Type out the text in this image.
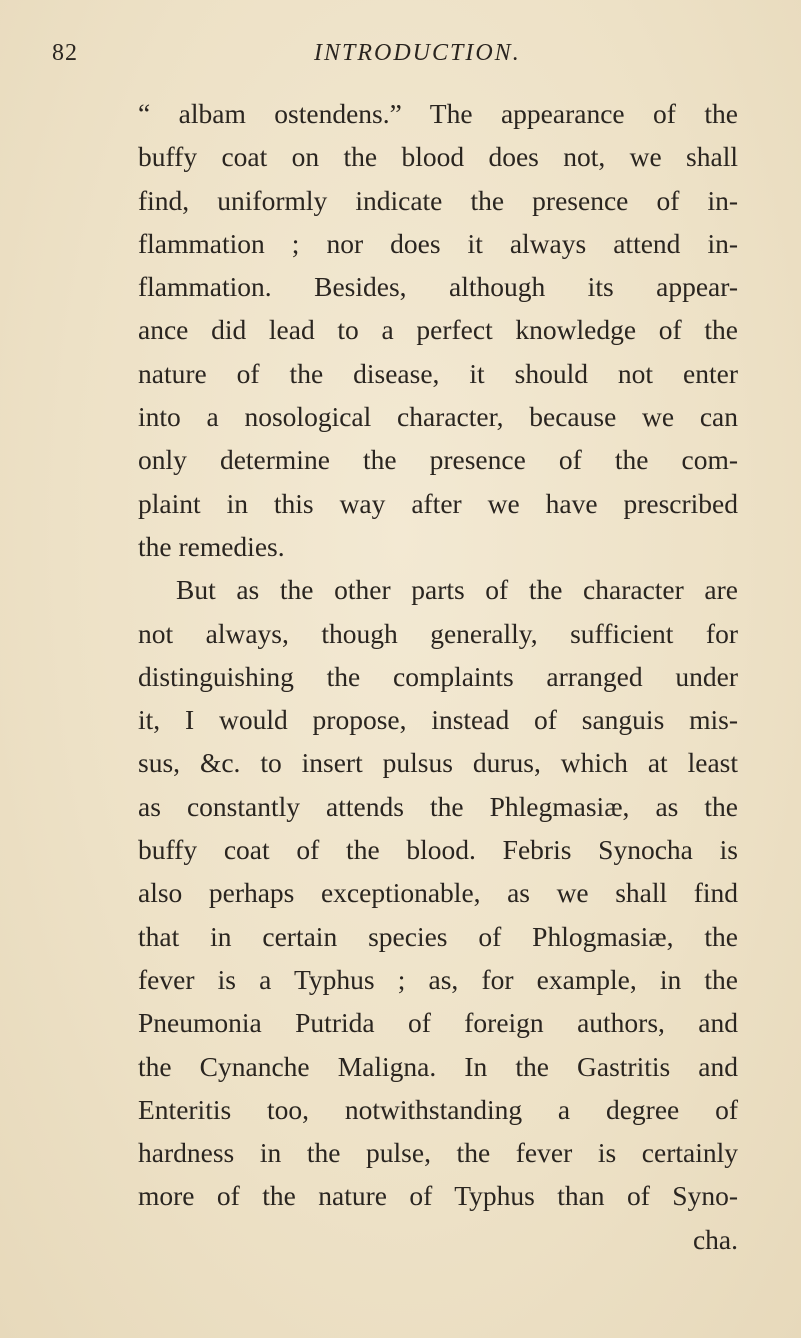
82	INTRODUCTION.
“ albam ostendens.” The appearance of the
buffy coat on the blood does not, we shall
find, uniformly indicate the presence of in-
flammation ; nor does it always attend in-
flammation. Besides, although its appear-
ance did lead to a perfect knowledge of the
nature of the disease, it should not enter
into a nosological character, because we can
only determine the presence of the com-
plaint in this way after we have prescribed
the remedies.
But as the other parts of the character are
not always, though generally, sufficient for
distinguishing the complaints arranged under
it, I would propose, instead of sanguis mis-
sus, &c. to insert pulsus durus, which at least
as constantly attends the Phlegmasiæ, as the
buffy coat of the blood. Febris Synocha is
also perhaps exceptionable, as we shall find
that in certain species of Phlogmasiæ, the
fever is a Typhus ; as, for example, in the
Pneumonia Putrida of foreign authors, and
the Cynanche Maligna. In the Gastritis and
Enteritis too, notwithstanding a degree of
hardness in the pulse, the fever is certainly
more of the nature of Typhus than of Syno-
cha.
